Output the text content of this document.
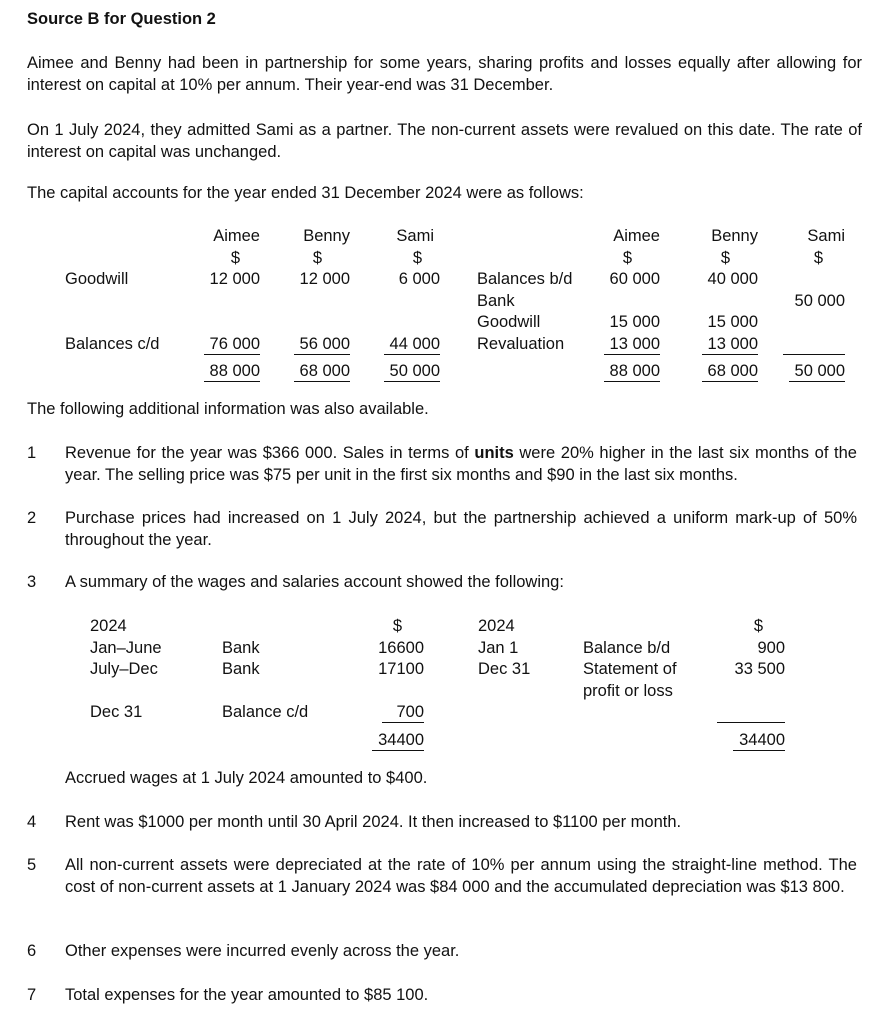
Source B for Question 2
Aimee and Benny had been in partnership for some years, sharing profits and losses equally after allowing for interest on capital at 10% per annum. Their year-end was 31 December.
On 1 July 2024, they admitted Sami as a partner. The non-current assets were revalued on this date. The rate of interest on capital was unchanged.
The capital accounts for the year ended 31 December 2024 were as follows:
	Aimee	Benny	Sami		Aimee	Benny	Sami
	$	$	$		$	$	$
Goodwill	12 000	12 000	6 000	Balances b/d	60 000	40 000	
				Bank			50 000
				Goodwill	15 000	15 000	
Balances c/d	76 000	56 000	44 000	Revaluation	13 000	13 000	
	88 000	68 000	50 000		88 000	68 000	50 000
The following additional information was also available.
1 Revenue for the year was $366 000. Sales in terms of units were 20% higher in the last six months of the year. The selling price was $75 per unit in the first six months and $90 in the last six months.
2 Purchase prices had increased on 1 July 2024, but the partnership achieved a uniform mark-up of 50% throughout the year.
3 A summary of the wages and salaries account showed the following:
2024		$		2024		$
Jan–June	Bank	16600		Jan 1	Balance b/d	900
July–Dec	Bank	17100		Dec 31	Statement of	33 500
					profit or loss	
Dec 31	Balance c/d	700				
		34400				34400
Accrued wages at 1 July 2024 amounted to $400.
4 Rent was $1000 per month until 30 April 2024. It then increased to $1100 per month.
5 All non-current assets were depreciated at the rate of 10% per annum using the straight-line method. The cost of non-current assets at 1 January 2024 was $84 000 and the accumulated depreciation was $13 800.
6 Other expenses were incurred evenly across the year.
7 Total expenses for the year amounted to $85 100.
